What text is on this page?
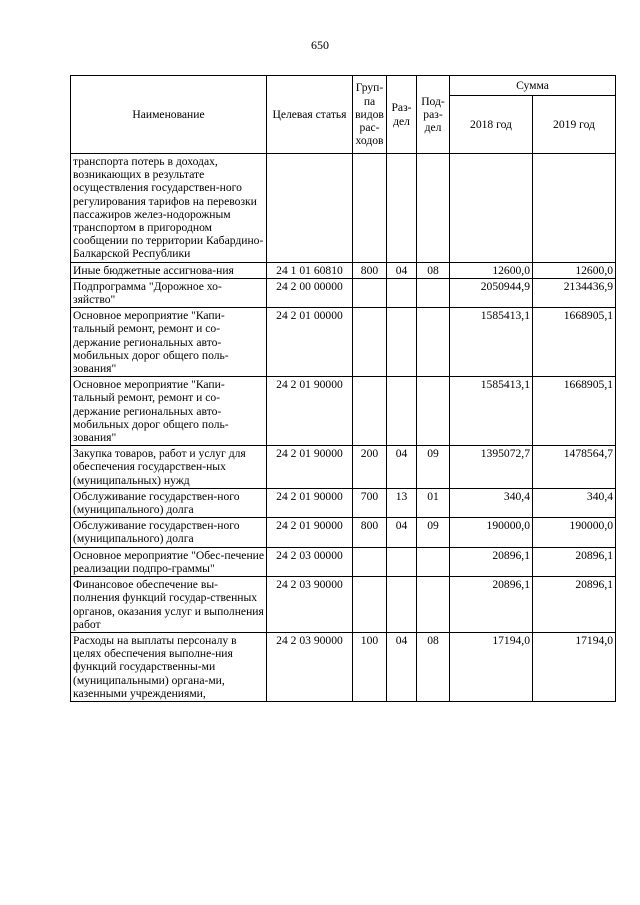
650
Наименование	Целевая статья	Груп-па видов рас-ходов	Раз-дел	Под-раз-дел	Сумма	
					2018 год	2019 год
транспорта потерь в доходах, возникающих в результате осуществления государствен-ного регулирования тарифов на перевозки пассажиров желез-нодорожным транспортом в пригородном сообщении по территории Кабардино-Балкарской Республики						
Иные бюджетные ассигнова-ния	24 1 01 60810	800	04	08	12600,0	12600,0
Подпрограмма "Дорожное хо-зяйство"	24 2 00 00000				2050944,9	2134436,9
Основное мероприятие "Капи-тальный ремонт, ремонт и со-держание региональных авто-мобильных дорог общего поль-зования"	24 2 01 00000				1585413,1	1668905,1
Основное мероприятие "Капи-тальный ремонт, ремонт и со-держание региональных авто-мобильных дорог общего поль-зования"	24 2 01 90000				1585413,1	1668905,1
Закупка товаров, работ и услуг для обеспечения государствен-ных (муниципальных) нужд	24 2 01 90000	200	04	09	1395072,7	1478564,7
Обслуживание государствен-ного (муниципального) долга	24 2 01 90000	700	13	01	340,4	340,4
Обслуживание государствен-ного (муниципального) долга	24 2 01 90000	800	04	09	190000,0	190000,0
Основное мероприятие "Обес-печение реализации подпро-граммы"	24 2 03 00000				20896,1	20896,1
Финансовое обеспечение вы-полнения функций государ-ственных органов, оказания услуг и выполнения работ	24 2 03 90000				20896,1	20896,1
Расходы на выплаты персоналу в целях обеспечения выполне-ния функций государственны-ми (муниципальными) органа-ми, казенными учреждениями,	24 2 03 90000	100	04	08	17194,0	17194,0
